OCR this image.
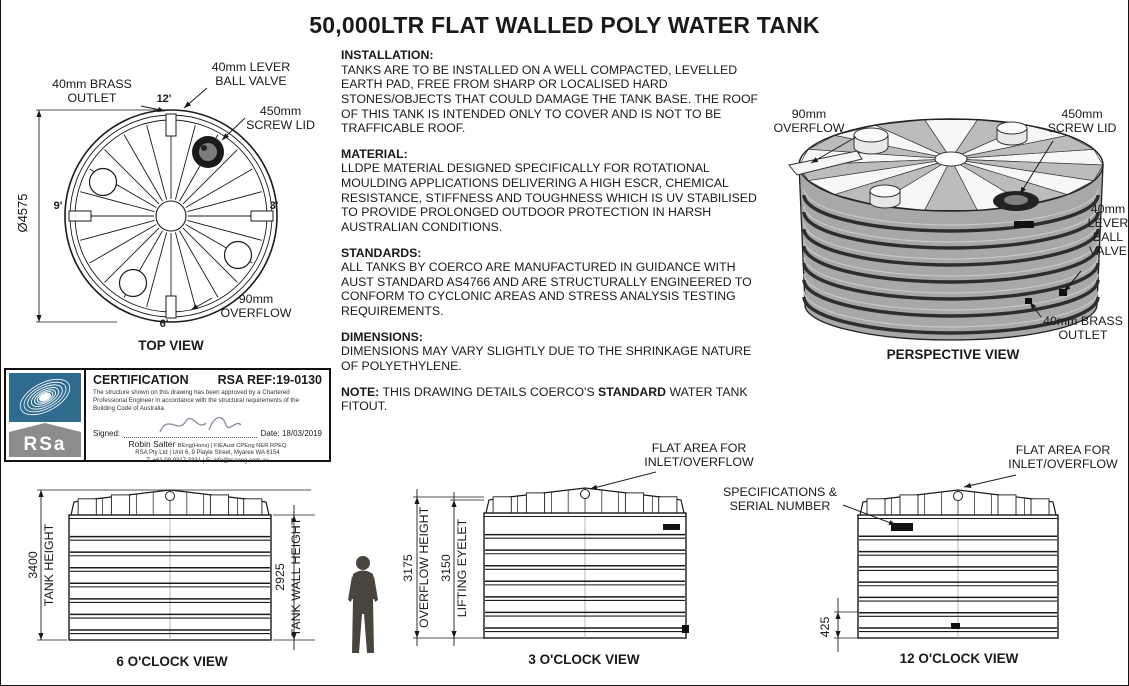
50,000LTR FLAT WALLED POLY WATER TANK
40mm BRASS OUTLET
40mm LEVER BALL VALVE
450mm SCREW LID
90mm OVERFLOW
12'
3'
6'
9'
Ø4575
TOP VIEW
INSTALLATION:

TANKS ARE TO BE INSTALLED ON A WELL COMPACTED, LEVELLED EARTH PAD, FREE FROM SHARP OR LOCALISED HARD STONES/OBJECTS THAT COULD DAMAGE THE TANK BASE. THE ROOF OF THIS TANK IS INTENDED ONLY TO COVER AND IS NOT TO BE TRAFFICABLE ROOF.

MATERIAL:

LLDPE MATERIAL DESIGNED SPECIFICALLY FOR ROTATIONAL MOULDING APPLICATIONS DELIVERING A HIGH ESCR, CHEMICAL RESISTANCE, STIFFNESS AND TOUGHNESS WHICH IS UV STABILISED TO PROVIDE PROLONGED OUTDOOR PROTECTION IN HARSH AUSTRALIAN CONDITIONS.

STANDARDS:

ALL TANKS BY COERCO ARE MANUFACTURED IN GUIDANCE WITH AUST STANDARD AS4766 AND ARE STRUCTURALLY ENGINEERED TO CONFORM TO CYCLONIC AREAS AND STRESS ANALYSIS TESTING REQUIREMENTS.

DIMENSIONS:

DIMENSIONS MAY VARY SLIGHTLY DUE TO THE SHRINKAGE NATURE OF POLYETHYLENE.

NOTE: THIS DRAWING DETAILS COERCO'S STANDARD WATER TANK FITOUT.

90mm OVERFLOW
450mm SCREW LID
40mm LEVER BALL VALVE
40mm BRASS OUTLET
PERSPECTIVE VIEW
RSa
CERTIFICATION RSA REF:19-0130
The structure shown on this drawing has been approved by a Chartered Professional Engineer in accordance with the structural requirements of the Building Code of Australia.
Signed:	Date: 18/03/2019
Robin Salter BEng(Hons) | FIEAust CPEng NER RPEQ
RSA Pty Ltd | Unit 6, 9 Playle Street, Myaree WA 6154
T: +61 08 9317 3331 | E: info@rsaeng.com.au
3400 TANK HEIGHT	2925 TANK WALL HEIGHT
6 O'CLOCK VIEW
3175 OVERFLOW HEIGHT 3150 LIFTING EYELET
FLAT AREA FOR INLET/OVERFLOW
3 O'CLOCK VIEW
FLAT AREA FOR INLET/OVERFLOW
SPECIFICATIONS & SERIAL NUMBER
425
12 O'CLOCK VIEW
